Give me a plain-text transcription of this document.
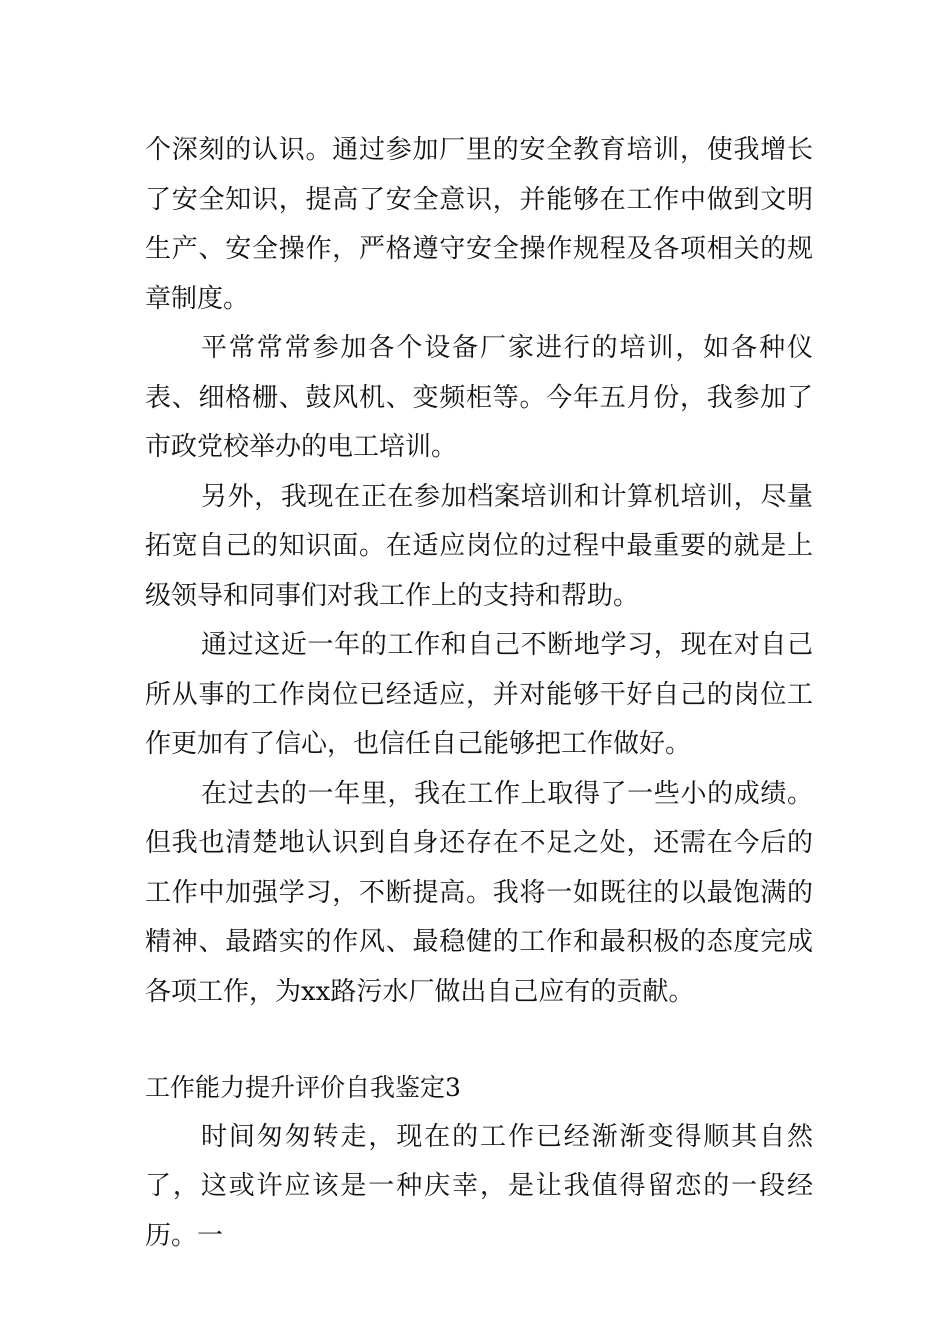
个深刻的认识。通过参加厂里的安全教育培训，使我增长了安全知识，提高了安全意识，并能够在工作中做到文明生产、安全操作，严格遵守安全操作规程及各项相关的规章制度。

平常常常参加各个设备厂家进行的培训，如各种仪表、细格栅、鼓风机、变频柜等。今年五月份，我参加了市政党校举办的电工培训。

另外，我现在正在参加档案培训和计算机培训，尽量拓宽自己的知识面。在适应岗位的过程中最重要的就是上级领导和同事们对我工作上的支持和帮助。

通过这近一年的工作和自己不断地学习，现在对自己所从事的工作岗位已经适应，并对能够干好自己的岗位工作更加有了信心，也信任自己能够把工作做好。

在过去的一年里，我在工作上取得了一些小的成绩。但我也清楚地认识到自身还存在不足之处，还需在今后的工作中加强学习，不断提高。我将一如既往的以最饱满的精神、最踏实的作风、最稳健的工作和最积极的态度完成各项工作，为xx路污水厂做出自己应有的贡献。

工作能力提升评价自我鉴定3

时间匆匆转走，现在的工作已经渐渐变得顺其自然了，这或许应该是一种庆幸，是让我值得留恋的一段经历。一
